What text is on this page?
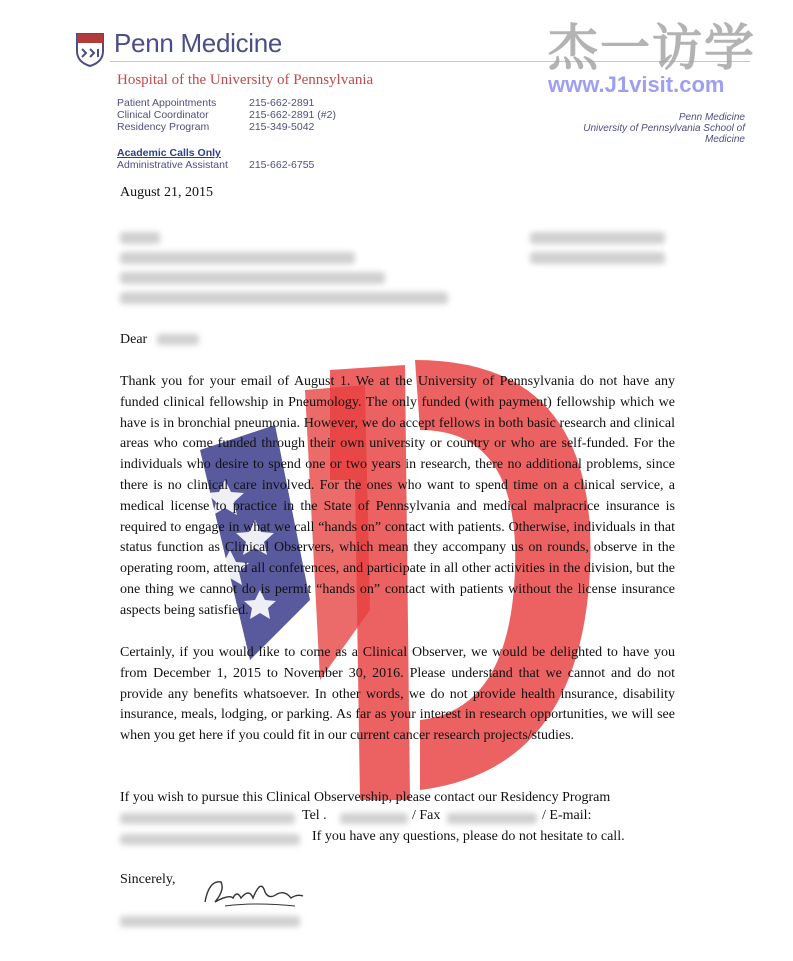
Penn Medicine
Hospital of the University of Pennsylvania
Patient Appointments	215-662-2891
Clinical Coordinator	215-662-2891 (#2)
Residency Program	215-349-5042
Academic Calls Only
Administrative Assistant	215-662-6755
Penn Medicine
University of Pennsylvania School of Medicine
杰一访学
www.J1visit.com
August 21, 2015
Dear
Thank you for your email of August 1. We at the University of Pennsylvania do not have any funded clinical fellowship in Pneumology. The only funded (with payment) fellowship which we have is in bronchial pneumonia. However, we do accept fellows in both basic research and clinical areas who come funded through their own university or country or who are self-funded. For the individuals who desire to spend one or two years in research, there no additional problems, since there is no clinical care involved. For the ones who want to spend time on a clinical service, a medical license to practice in the State of Pennsylvania and medical malpracrice insurance is required to engage in what we call “hands on” contact with patients. Otherwise, individuals in that status function as Clinical Observers, which mean they accompany us on rounds, observe in the operating room, attend all conferences, and participate in all other activities in the division, but the one thing we cannot do is permit “hands on” contact with patients without the license insurance aspects being satisfied.
Certainly, if you would like to come as a Clinical Observer, we would be delighted to have you from December 1, 2015 to November 30, 2016. Please understand that we cannot and do not provide any benefits whatsoever. In other words, we do not provide health insurance, disability insurance, meals, lodging, or parking. As far as your interest in research opportunities, we will see when you get here if you could fit in our current cancer research projects/studies.
If you wish to pursue this Clinical Observership, please contact our Residency Program
Tel .	/ Fax	/ E-mail:
If you have any questions, please do not hesitate to call.
Sincerely,
